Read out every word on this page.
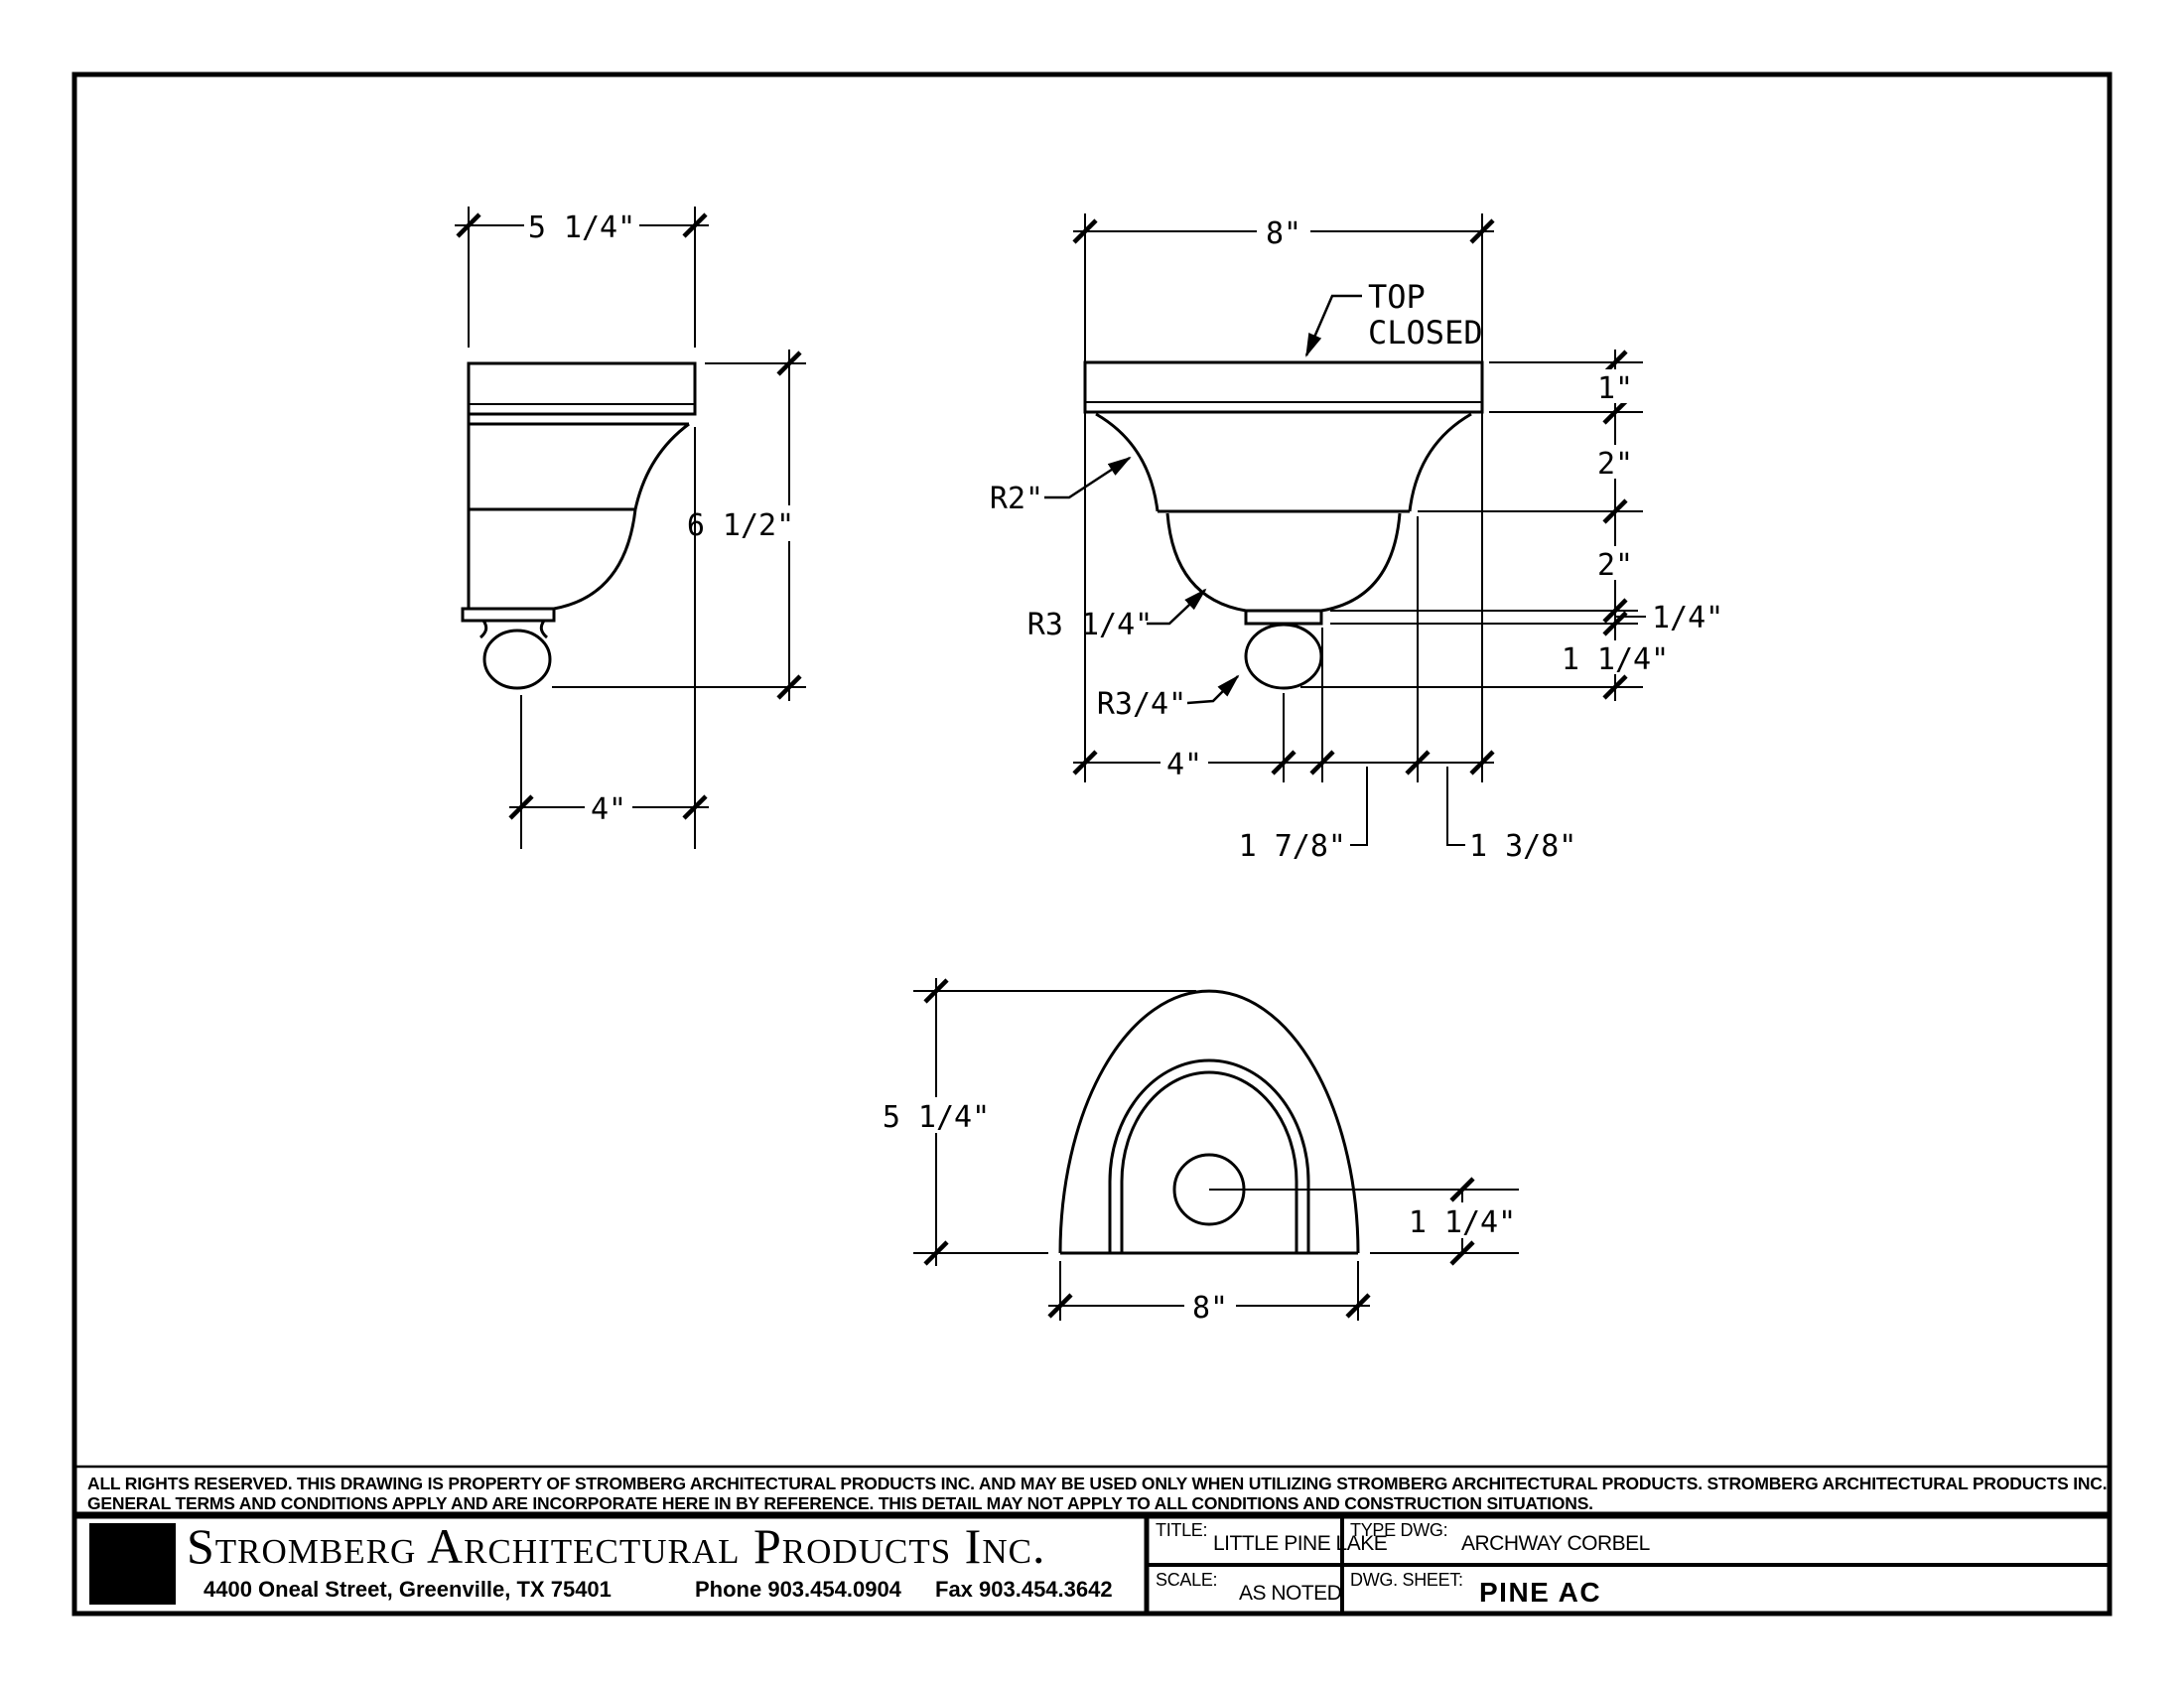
5 1/4"
6 1/2"
4"
8"
TOP
CLOSED
R2"
R3 1/4"
R3/4"
1"
2"
2"
1/4"
1 1/4"
4"
1 7/8"	1 3/8"
5 1/4"
8"
1 1/4"
ALL RIGHTS RESERVED. THIS DRAWING IS PROPERTY OF STROMBERG ARCHITECTURAL PRODUCTS INC. AND MAY BE USED ONLY WHEN UTILIZING STROMBERG ARCHITECTURAL PRODUCTS. STROMBERG ARCHITECTURAL PRODUCTS INC.
GENERAL TERMS AND CONDITIONS APPLY AND ARE INCORPORATE HERE IN BY REFERENCE. THIS DETAIL MAY NOT APPLY TO ALL CONDITIONS AND CONSTRUCTION SITUATIONS.
Stromberg Architectural Products Inc.
4400 Oneal Street, Greenville, TX 75401	Phone 903.454.0904 Fax 903.454.3642
TITLE:
LITTLE PINE LAKE
TYPE DWG:
ARCHWAY CORBEL
SCALE:
AS NOTED
DWG. SHEET: PINE AC
